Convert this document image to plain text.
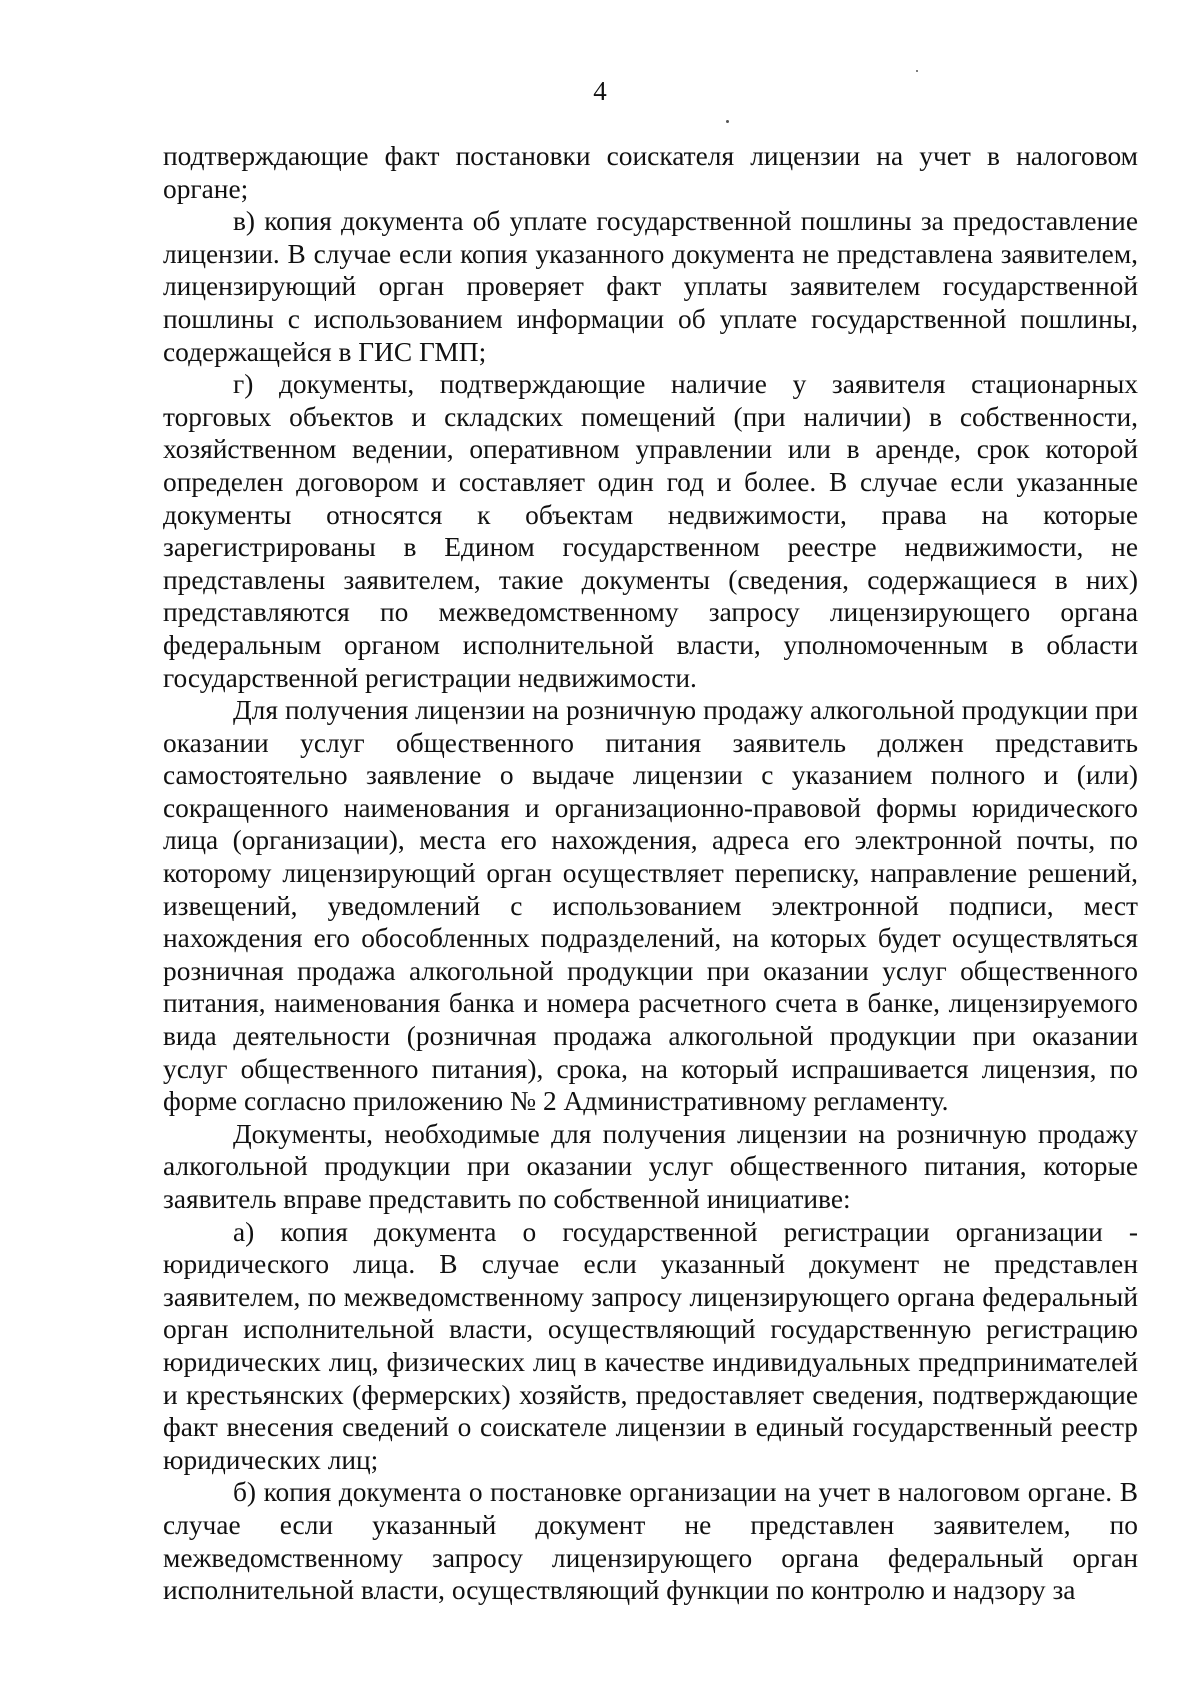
4

подтверждающие факт постановки соискателя лицензии на учет в налоговом органе;

в) копия документа об уплате государственной пошлины за предоставление лицензии. В случае если копия указанного документа не представлена заявителем, лицензирующий орган проверяет факт уплаты заявителем государственной пошлины с использованием информации об уплате государственной пошлины, содержащейся в ГИС ГМП;

г) документы, подтверждающие наличие у заявителя стационарных торговых объектов и складских помещений (при наличии) в собственности, хозяйственном ведении, оперативном управлении или в аренде, срок которой определен договором и составляет один год и более. В случае если указанные документы относятся к объектам недвижимости, права на которые зарегистрированы в Едином государственном реестре недвижимости, не представлены заявителем, такие документы (сведения, содержащиеся в них) представляются по межведомственному запросу лицензирующего органа федеральным органом исполнительной власти, уполномоченным в области государственной регистрации недвижимости.

Для получения лицензии на розничную продажу алкогольной продукции при оказании услуг общественного питания заявитель должен представить самостоятельно заявление о выдаче лицензии с указанием полного и (или) сокращенного наименования и организационно-правовой формы юридического лица (организации), места его нахождения, адреса его электронной почты, по которому лицензирующий орган осуществляет переписку, направление решений, извещений, уведомлений с использованием электронной подписи, мест нахождения его обособленных подразделений, на которых будет осуществляться розничная продажа алкогольной продукции при оказании услуг общественного питания, наименования банка и номера расчетного счета в банке, лицензируемого вида деятельности (розничная продажа алкогольной продукции при оказании услуг общественного питания), срока, на который испрашивается лицензия, по форме согласно приложению № 2 Административному регламенту.

Документы, необходимые для получения лицензии на розничную продажу алкогольной продукции при оказании услуг общественного питания, которые заявитель вправе представить по собственной инициативе:

а) копия документа о государственной регистрации организации - юридического лица. В случае если указанный документ не представлен заявителем, по межведомственному запросу лицензирующего органа федеральный орган исполнительной власти, осуществляющий государственную регистрацию юридических лиц, физических лиц в качестве индивидуальных предпринимателей и крестьянских (фермерских) хозяйств, предоставляет сведения, подтверждающие факт внесения сведений о соискателе лицензии в единый государственный реестр юридических лиц;

б) копия документа о постановке организации на учет в налоговом органе. В случае если указанный документ не представлен заявителем, по межведомственному запросу лицензирующего органа федеральный орган исполнительной власти, осуществляющий функции по контролю и надзору за
